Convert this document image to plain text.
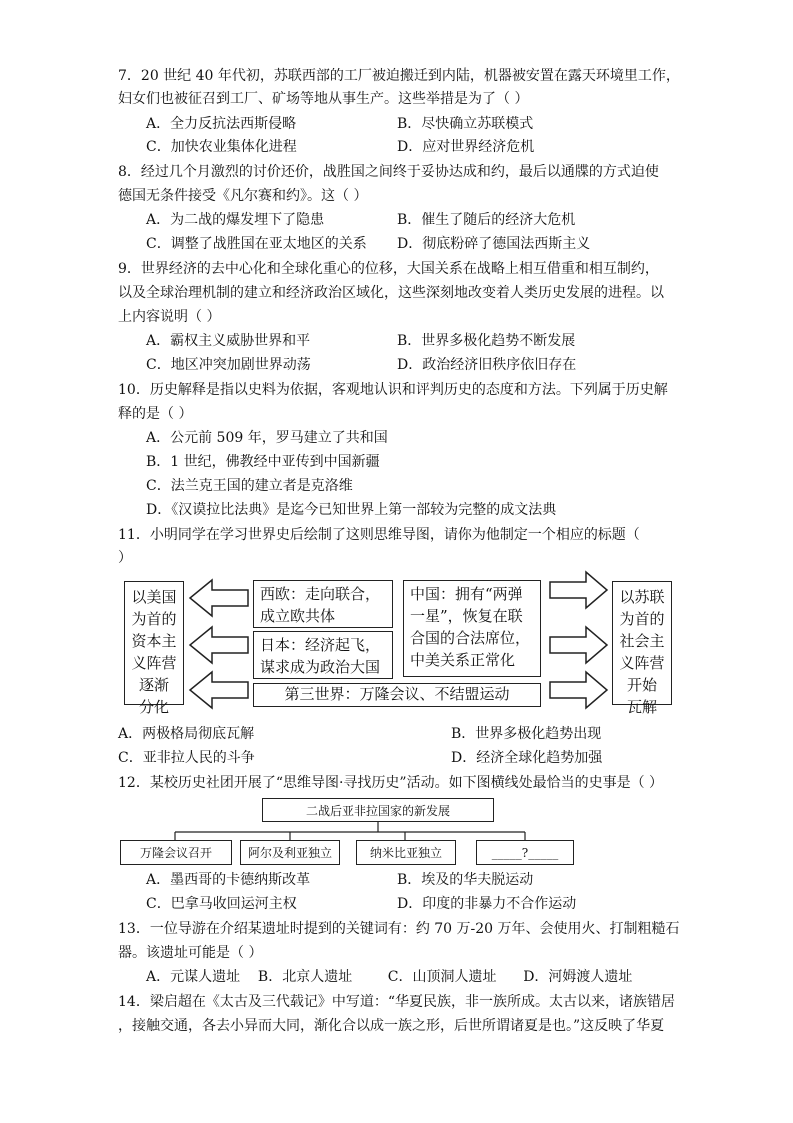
7．20 世纪 40 年代初，苏联西部的工厂被迫搬迁到内陆，机器被安置在露天环境里工作，
妇女们也被征召到工厂、矿场等地从事生产。这些举措是为了（ ）
A．全力反抗法西斯侵略	B．尽快确立苏联模式
C．加快农业集体化进程	D．应对世界经济危机
8．经过几个月激烈的讨价还价，战胜国之间终于妥协达成和约，最后以通牒的方式迫使
德国无条件接受《凡尔赛和约》。这（ ）
A．为二战的爆发埋下了隐患	B．催生了随后的经济大危机
C．调整了战胜国在亚太地区的关系 D．彻底粉碎了德国法西斯主义
9．世界经济的去中心化和全球化重心的位移，大国关系在战略上相互借重和相互制约，
以及全球治理机制的建立和经济政治区域化，这些深刻地改变着人类历史发展的进程。以
上内容说明（ ）
A．霸权主义威胁世界和平	B．世界多极化趋势不断发展
C．地区冲突加剧世界动荡	D．政治经济旧秩序依旧存在
10．历史解释是指以史料为依据，客观地认识和评判历史的态度和方法。下列属于历史解
释的是（ ）
A．公元前 509 年，罗马建立了共和国
B．1 世纪，佛教经中亚传到中国新疆
C．法兰克王国的建立者是克洛维
D．《汉谟拉比法典》是迄今已知世界上第一部较为完整的成文法典
11．小明同学在学习世界史后绘制了这则思维导图，请你为他制定一个相应的标题（
）
以美国
为首的
资本主
义阵营
逐渐
分化
西欧：走向联合，
成立欧共体
日本：经济起飞，
谋求成为政治大国
中国：拥有“两弹
一星”，恢复在联
合国的合法席位，
中美关系正常化
第三世界：万隆会议、不结盟运动
以苏联
为首的
社会主
义阵营
开始
瓦解
A．两极格局彻底瓦解	B．世界多极化趋势出现
C．亚非拉人民的斗争	D．经济全球化趋势加强
12．某校历史社团开展了“思维导图·寻找历史”活动。如下图横线处最恰当的史事是（ ）
二战后亚非拉国家的新发展
万隆会议召开	阿尔及利亚独立	纳米比亚独立	_____?_____
A．墨西哥的卡德纳斯改革	B．埃及的华夫脱运动
C．巴拿马收回运河主权	D．印度的非暴力不合作运动
13．一位导游在介绍某遗址时提到的关键词有：约 70 万-20 万年、会使用火、打制粗糙石
器。该遗址可能是（ ）
A．元谋人遗址    B．北京人遗址        C．山顶洞人遗址      D．河姆渡人遗址
14．梁启超在《太古及三代载记》中写道：“华夏民族，非一族所成。太古以来，诸族错居
，接触交通，各去小异而大同，渐化合以成一族之形，后世所谓诸夏是也。”这反映了华夏
